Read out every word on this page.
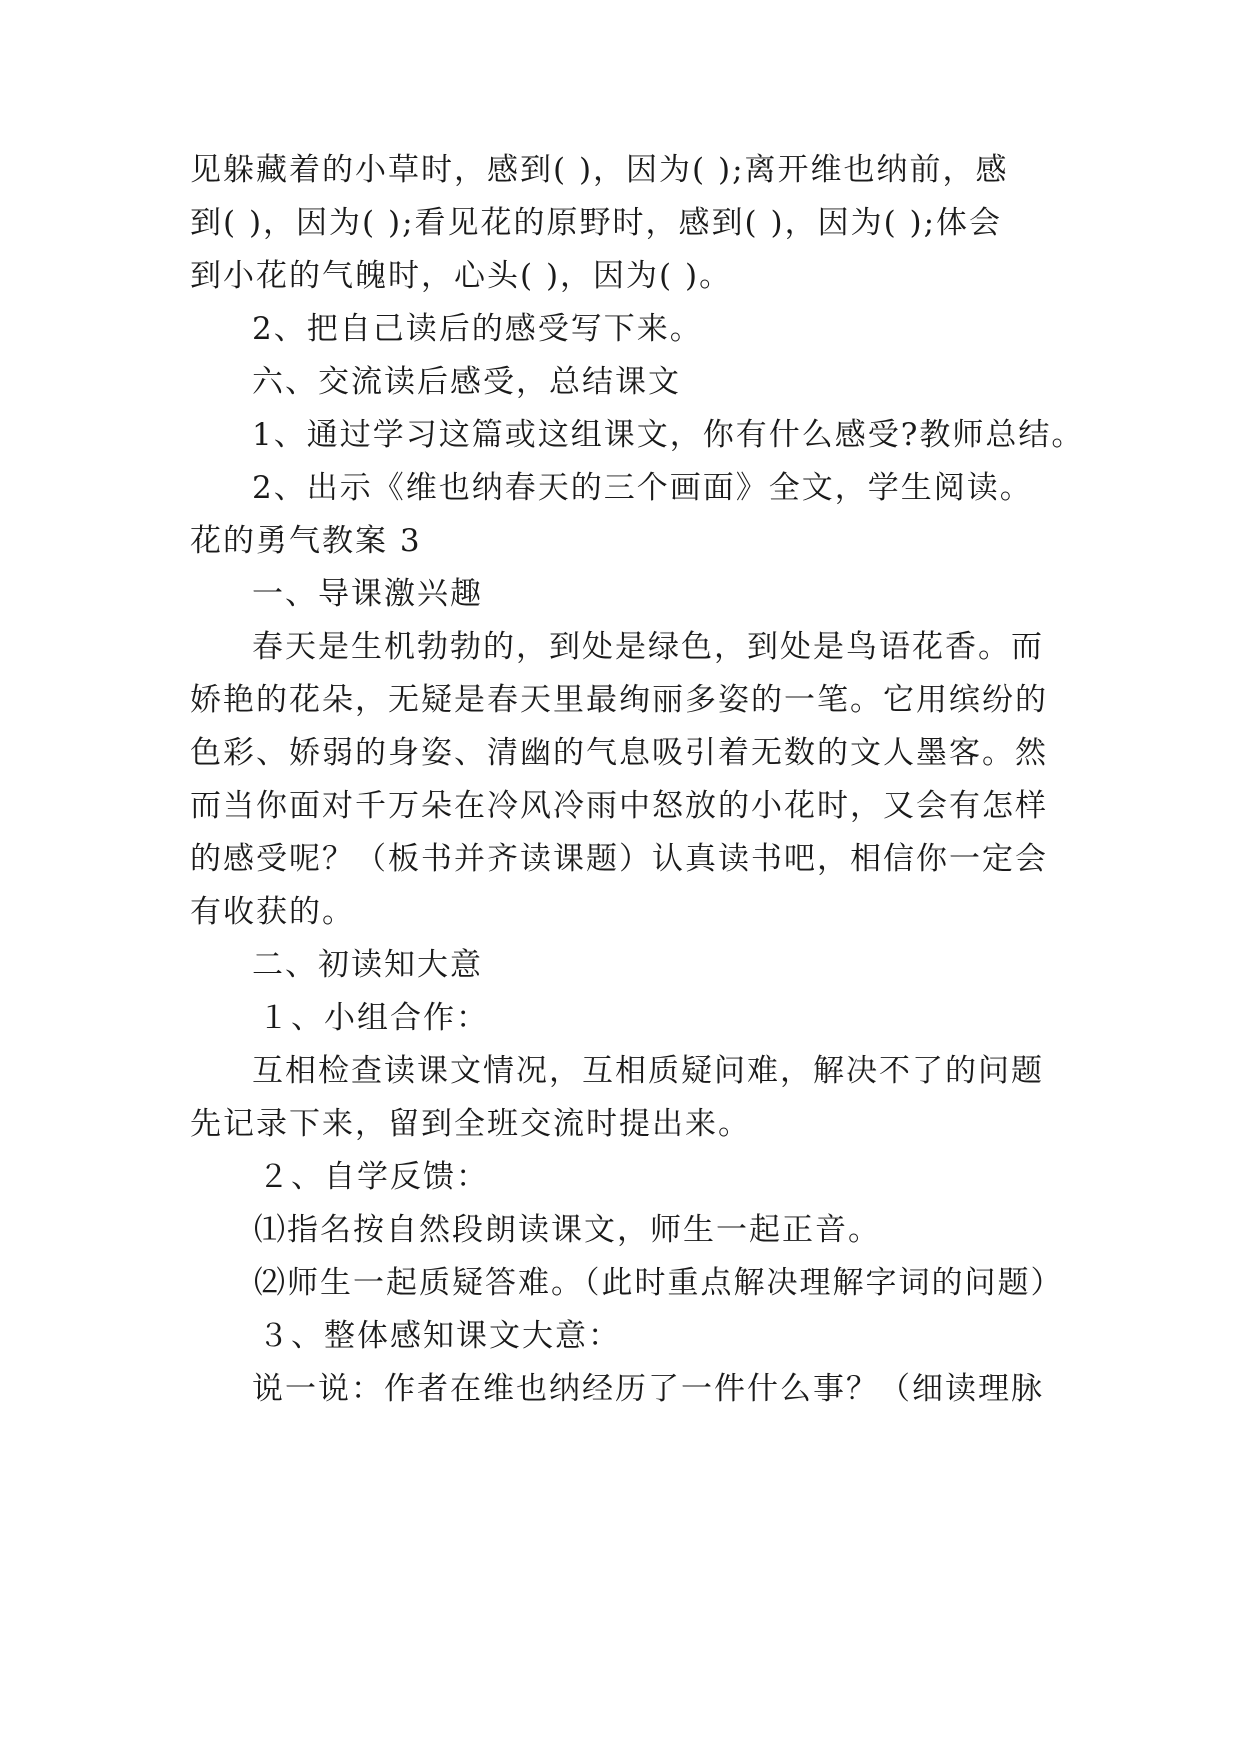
见躲藏着的小草时，感到( )，因为( );离开维也纳前，感
到( )，因为( );看见花的原野时，感到( )，因为( );体会
到小花的气魄时，心头( )，因为( )。
2、把自己读后的感受写下来。
六、交流读后感受，总结课文
1、通过学习这篇或这组课文，你有什么感受?教师总结。
2、出示《维也纳春天的三个画面》全文，学生阅读。
花的勇气教案 3
一、导课激兴趣
春天是生机勃勃的，到处是绿色，到处是鸟语花香。而
娇艳的花朵，无疑是春天里最绚丽多姿的一笔。它用缤纷的
色彩、娇弱的身姿、清幽的气息吸引着无数的文人墨客。然
而当你面对千万朵在冷风冷雨中怒放的小花时，又会有怎样
的感受呢？（板书并齐读课题）认真读书吧，相信你一定会
有收获的。
二、初读知大意
１、小组合作：
互相检查读课文情况，互相质疑问难，解决不了的问题
先记录下来，留到全班交流时提出来。
２、自学反馈：
⑴指名按自然段朗读课文，师生一起正音。
⑵师生一起质疑答难。（此时重点解决理解字词的问题）
３、整体感知课文大意：
说一说：作者在维也纳经历了一件什么事？（细读理脉
